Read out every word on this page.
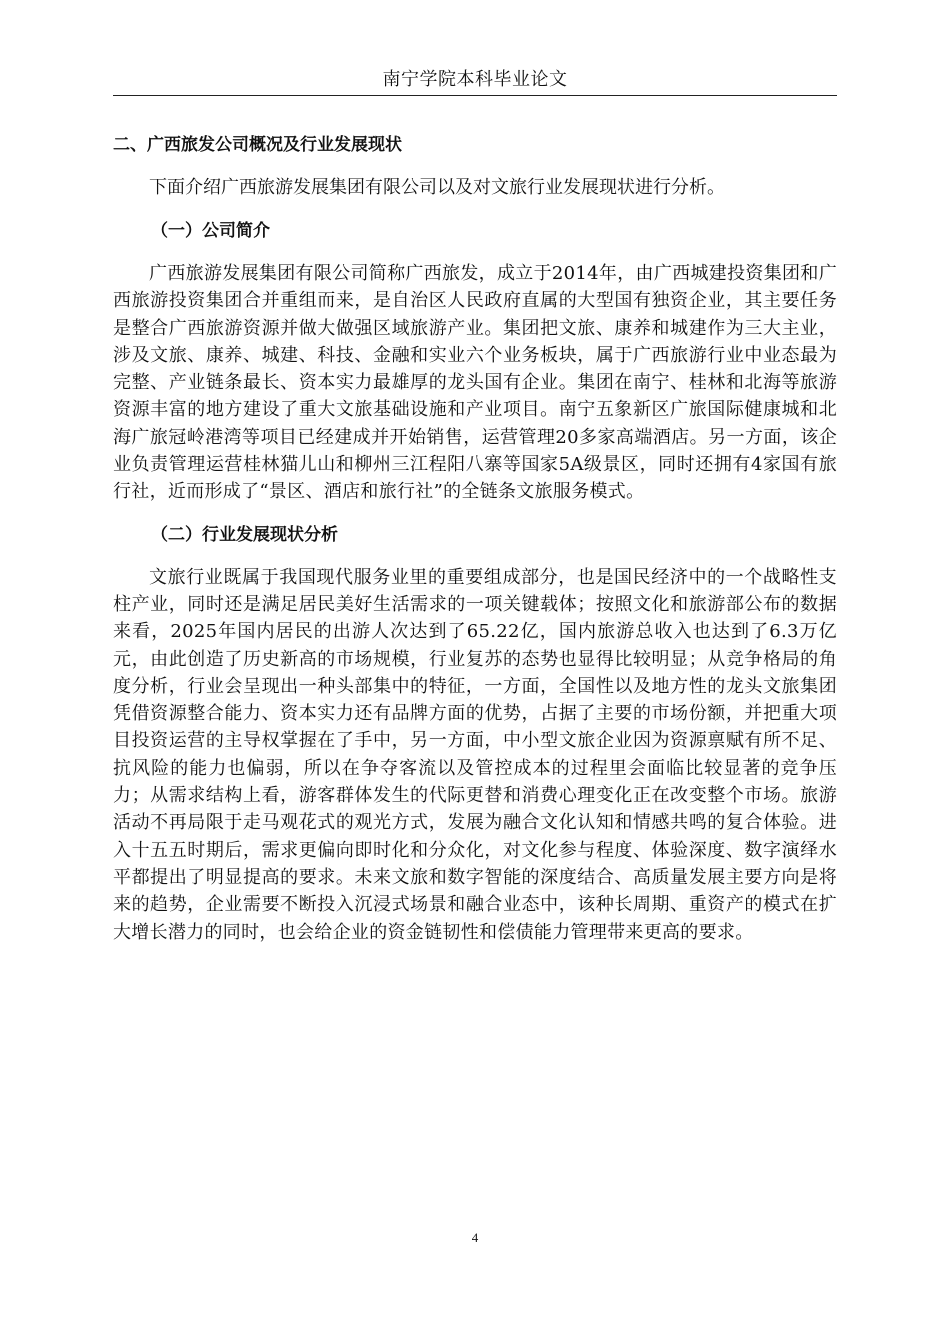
南宁学院本科毕业论文
二、广西旅发公司概况及行业发展现状

下面介绍广西旅游发展集团有限公司以及对文旅行业发展现状进行分析。

（一）公司简介

广西旅游发展集团有限公司简称广西旅发，成立于2014年，由广西城建投资集团和广西旅游投资集团合并重组而来，是自治区人民政府直属的大型国有独资企业，其主要任务是整合广西旅游资源并做大做强区域旅游产业。集团把文旅、康养和城建作为三大主业，涉及文旅、康养、城建、科技、金融和实业六个业务板块，属于广西旅游行业中业态最为完整、产业链条最长、资本实力最雄厚的龙头国有企业。集团在南宁、桂林和北海等旅游资源丰富的地方建设了重大文旅基础设施和产业项目。南宁五象新区广旅国际健康城和北海广旅冠岭港湾等项目已经建成并开始销售，运营管理20多家高端酒店。另一方面，该企业负责管理运营桂林猫儿山和柳州三江程阳八寨等国家5A级景区，同时还拥有4家国有旅行社，近而形成了“景区、酒店和旅行社”的全链条文旅服务模式。

（二）行业发展现状分析

文旅行业既属于我国现代服务业里的重要组成部分，也是国民经济中的一个战略性支柱产业，同时还是满足居民美好生活需求的一项关键载体；按照文化和旅游部公布的数据来看，2025年国内居民的出游人次达到了65.22亿，国内旅游总收入也达到了6.3万亿元，由此创造了历史新高的市场规模，行业复苏的态势也显得比较明显；从竞争格局的角度分析，行业会呈现出一种头部集中的特征，一方面，全国性以及地方性的龙头文旅集团凭借资源整合能力、资本实力还有品牌方面的优势，占据了主要的市场份额，并把重大项目投资运营的主导权掌握在了手中，另一方面，中小型文旅企业因为资源禀赋有所不足、抗风险的能力也偏弱，所以在争夺客流以及管控成本的过程里会面临比较显著的竞争压力；从需求结构上看，游客群体发生的代际更替和消费心理变化正在改变整个市场。旅游活动不再局限于走马观花式的观光方式，发展为融合文化认知和情感共鸣的复合体验。进入十五五时期后，需求更偏向即时化和分众化，对文化参与程度、体验深度、数字演绎水平都提出了明显提高的要求。未来文旅和数字智能的深度结合、高质量发展主要方向是将来的趋势，企业需要不断投入沉浸式场景和融合业态中，该种长周期、重资产的模式在扩大增长潜力的同时，也会给企业的资金链韧性和偿债能力管理带来更高的要求。

4
